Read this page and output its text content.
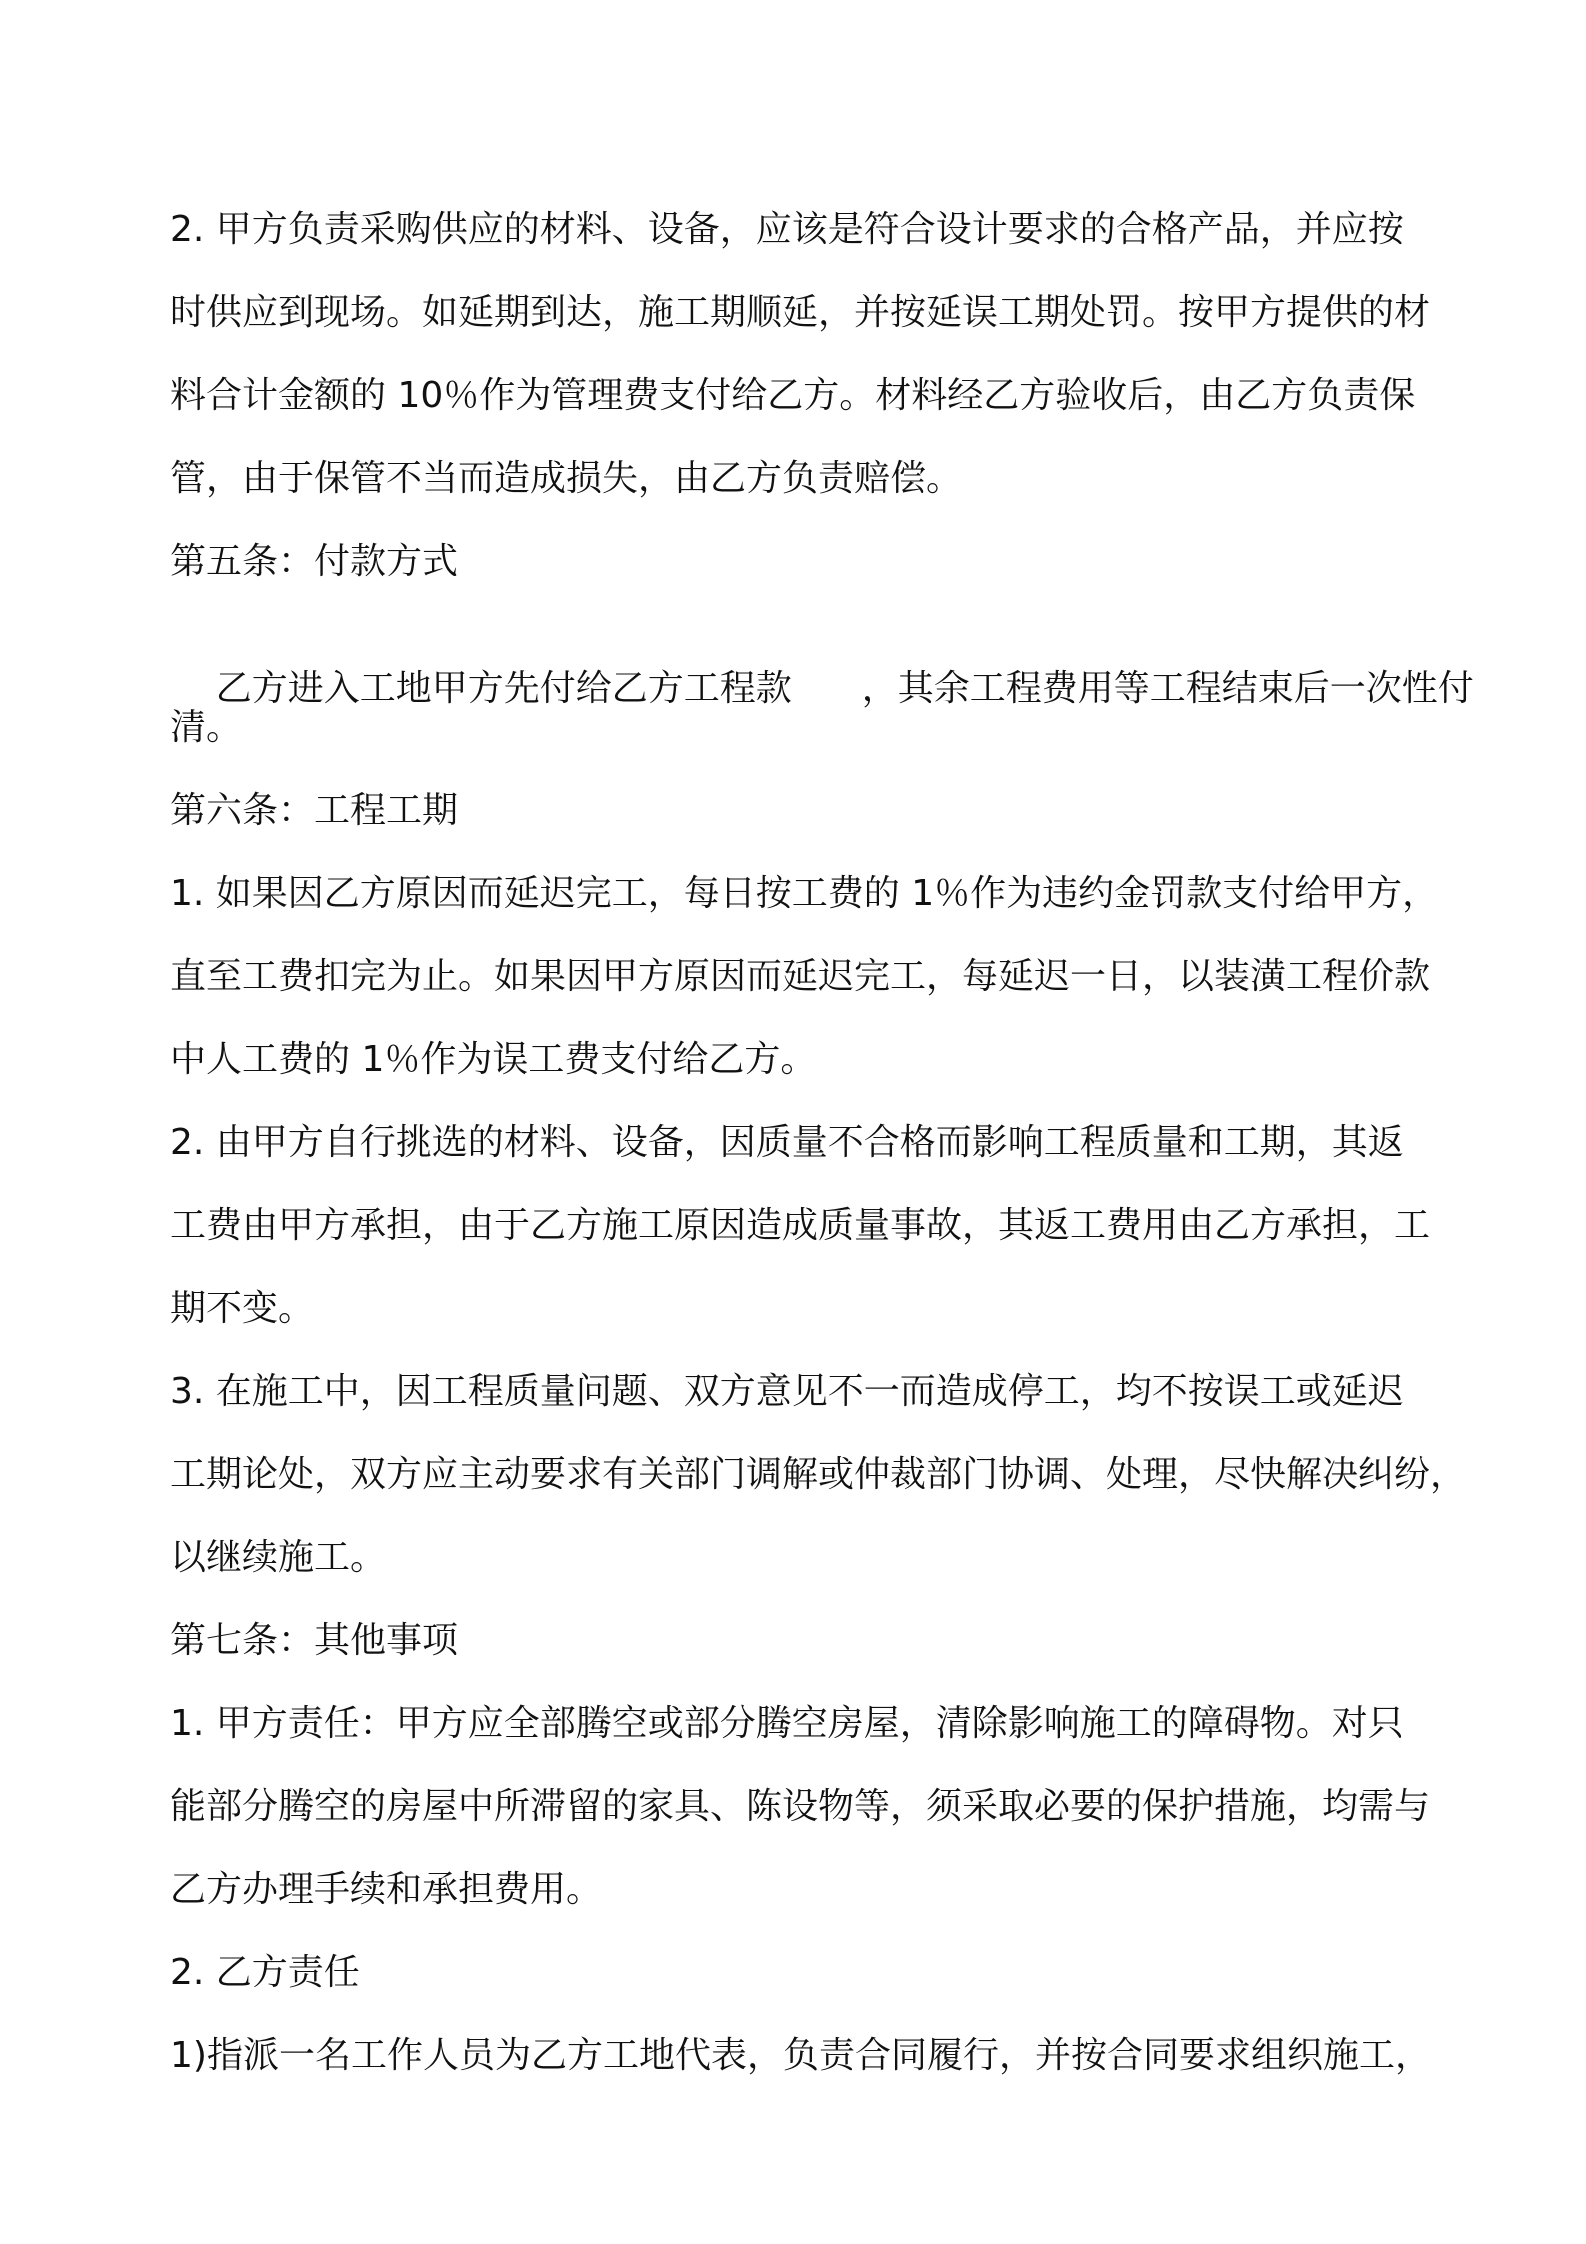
2. 甲方负责采购供应的材料、设备，应该是符合设计要求的合格产品，并应按
时供应到现场。如延期到达，施工期顺延，并按延误工期处罚。按甲方提供的材
料合计金额的 10％作为管理费支付给乙方。材料经乙方验收后，由乙方负责保
管，由于保管不当而造成损失，由乙方负责赔偿。
第五条：付款方式

乙方进入工地甲方先付给乙方工程款 ，其余工程费用等工程结束后一次性付

清。
第六条：工程工期
1. 如果因乙方原因而延迟完工，每日按工费的 1％作为违约金罚款支付给甲方，
直至工费扣完为止。如果因甲方原因而延迟完工，每延迟一日，以装潢工程价款
中人工费的 1％作为误工费支付给乙方。
2. 由甲方自行挑选的材料、设备，因质量不合格而影响工程质量和工期，其返
工费由甲方承担，由于乙方施工原因造成质量事故，其返工费用由乙方承担，工
期不变。
3. 在施工中，因工程质量问题、双方意见不一而造成停工，均不按误工或延迟
工期论处，双方应主动要求有关部门调解或仲裁部门协调、处理，尽快解决纠纷，
以继续施工。
第七条：其他事项
1. 甲方责任：甲方应全部腾空或部分腾空房屋，清除影响施工的障碍物。对只
能部分腾空的房屋中所滞留的家具、陈设物等，须采取必要的保护措施，均需与
乙方办理手续和承担费用。
2. 乙方责任
1)指派一名工作人员为乙方工地代表，负责合同履行，并按合同要求组织施工，
